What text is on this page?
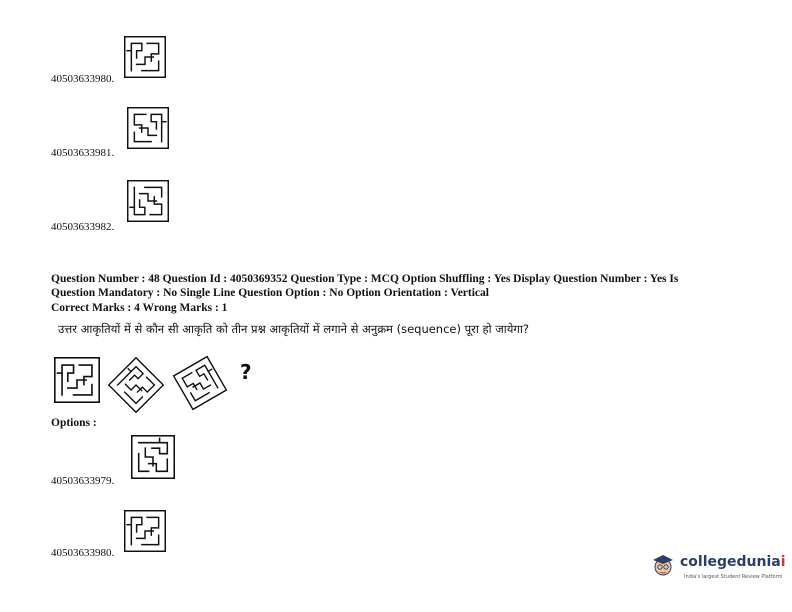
40503633980.
40503633981.
40503633982.
Question Number : 48 Question Id : 4050369352 Question Type : MCQ Option Shuffling : Yes Display Question Number : Yes Is
Question Mandatory : No Single Line Question Option : No Option Orientation : Vertical
Correct Marks : 4 Wrong Marks : 1
उत्तर आकृतियों में से कौन सी आकृति को तीन प्रश्न आकृतियों में लगाने से अनुक्रम (sequence) पूरा हो जायेगा?
?
Options :
40503633979.
40503633980.
collegeduniai
India's largest Student Review Platform
